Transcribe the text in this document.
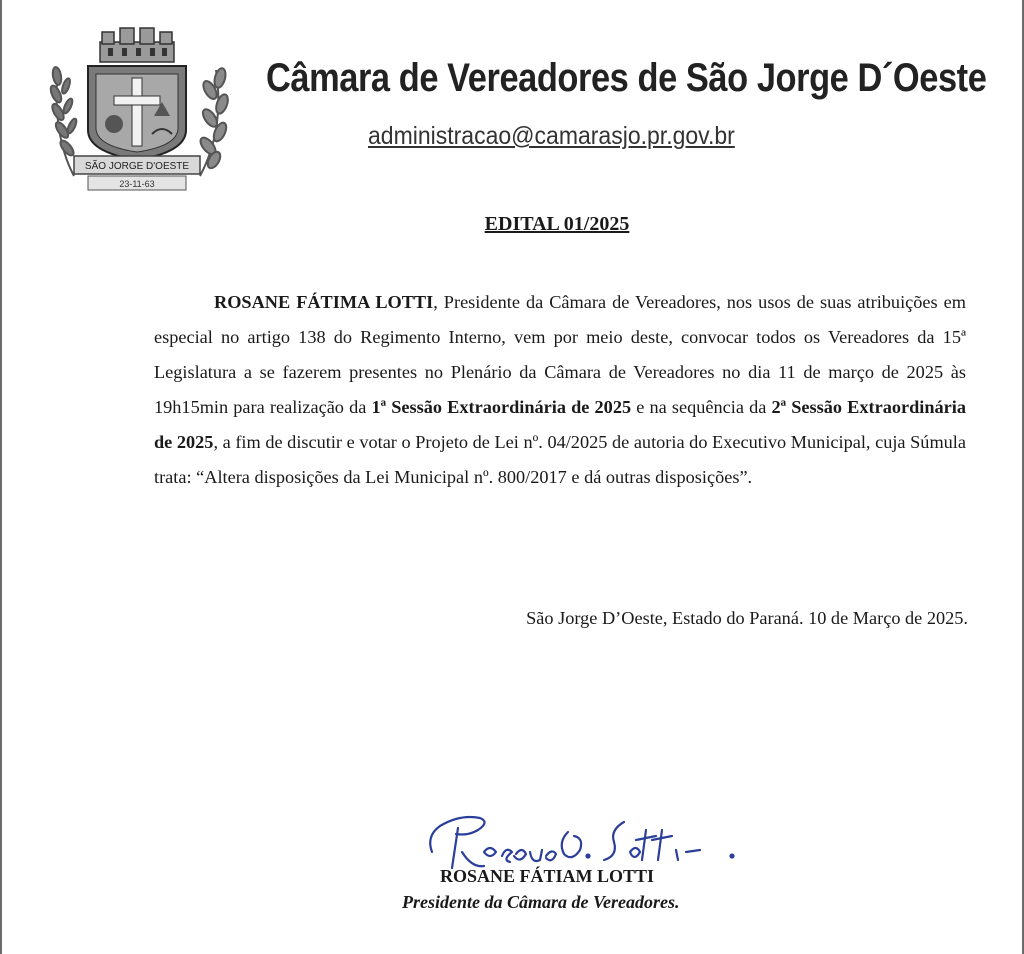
SÃO JORGE D'OESTE
23-11-63
Câmara de Vereadores de São Jorge D´Oeste
administracao@camarasjo.pr.gov.br
EDITAL 01/2025

ROSANE FÁTIMA LOTTI, Presidente da Câmara de Vereadores, nos usos de suas atribuições em especial no artigo 138 do Regimento Interno, vem por meio deste, convocar todos os Vereadores da 15ª Legislatura a se fazerem presentes no Plenário da Câmara de Vereadores no dia 11 de março de 2025 às 19h15min para realização da 1ª Sessão Extraordinária de 2025 e na sequência da 2ª Sessão Extraordinária de 2025, a fim de discutir e votar o Projeto de Lei nº. 04/2025 de autoria do Executivo Municipal, cuja Súmula trata: “Altera disposições da Lei Municipal nº. 800/2017 e dá outras disposições”.

São Jorge D’Oeste, Estado do Paraná. 10 de Março de 2025.
ROSANE FÁTIAM LOTTI
Presidente da Câmara de Vereadores.
